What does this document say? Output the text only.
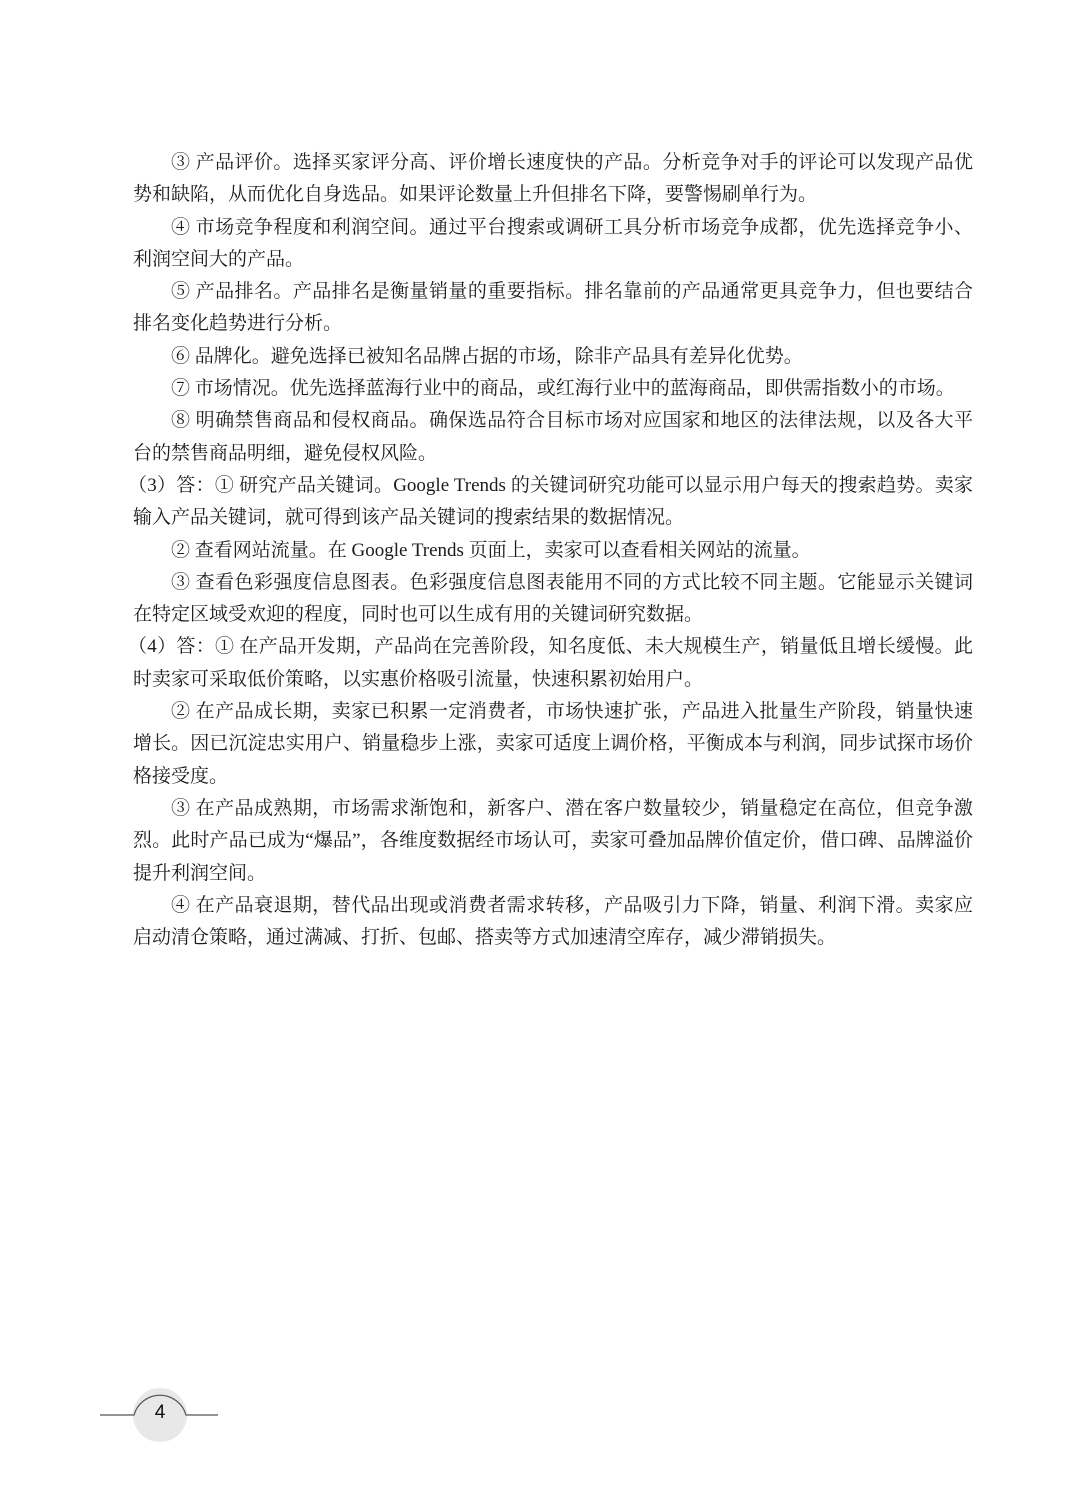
③ 产品评价。选择买家评分高、评价增长速度快的产品。分析竞争对手的评论可以发现产品优势和缺陷，从而优化自身选品。如果评论数量上升但排名下降，要警惕刷单行为。

④ 市场竞争程度和利润空间。通过平台搜索或调研工具分析市场竞争成都，优先选择竞争小、利润空间大的产品。

⑤ 产品排名。产品排名是衡量销量的重要指标。排名靠前的产品通常更具竞争力，但也要结合排名变化趋势进行分析。

⑥ 品牌化。避免选择已被知名品牌占据的市场，除非产品具有差异化优势。

⑦ 市场情况。优先选择蓝海行业中的商品，或红海行业中的蓝海商品，即供需指数小的市场。

⑧ 明确禁售商品和侵权商品。确保选品符合目标市场对应国家和地区的法律法规，以及各大平台的禁售商品明细，避免侵权风险。

（3）答：① 研究产品关键词。Google Trends 的关键词研究功能可以显示用户每天的搜索趋势。卖家输入产品关键词，就可得到该产品关键词的搜索结果的数据情况。

② 查看网站流量。在 Google Trends 页面上，卖家可以查看相关网站的流量。

③ 查看色彩强度信息图表。色彩强度信息图表能用不同的方式比较不同主题。它能显示关键词在特定区域受欢迎的程度，同时也可以生成有用的关键词研究数据。

（4）答：① 在产品开发期，产品尚在完善阶段，知名度低、未大规模生产，销量低且增长缓慢。此时卖家可采取低价策略，以实惠价格吸引流量，快速积累初始用户。

② 在产品成长期，卖家已积累一定消费者，市场快速扩张，产品进入批量生产阶段，销量快速增长。因已沉淀忠实用户、销量稳步上涨，卖家可适度上调价格，平衡成本与利润，同步试探市场价格接受度。

③ 在产品成熟期，市场需求渐饱和，新客户、潜在客户数量较少，销量稳定在高位，但竞争激烈。此时产品已成为“爆品”，各维度数据经市场认可，卖家可叠加品牌价值定价，借口碑、品牌溢价提升利润空间。

④ 在产品衰退期，替代品出现或消费者需求转移，产品吸引力下降，销量、利润下滑。卖家应启动清仓策略，通过满减、打折、包邮、搭卖等方式加速清空库存，减少滞销损失。

4
